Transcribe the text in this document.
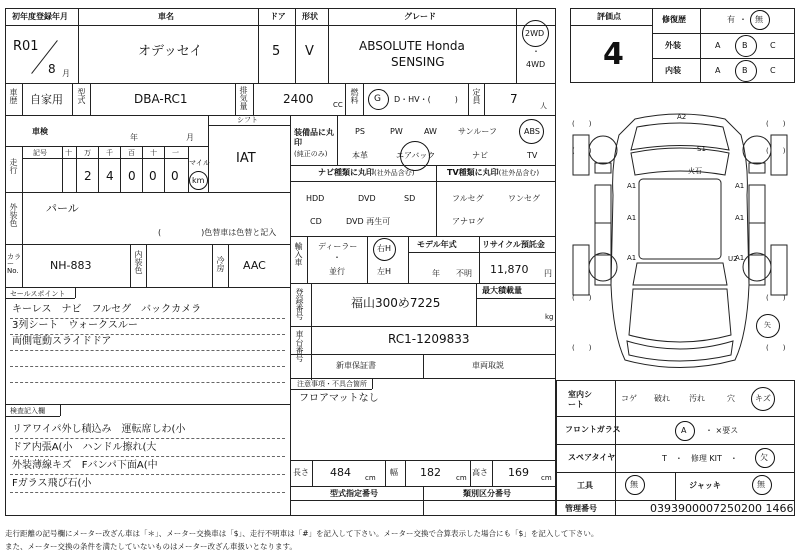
初年度登録年月	車名	ドア 形状	グレード
R01
8 月
オデッセイ	5 V	ABSOLUTE Honda
SENSING
2WD
・
4WD
車歴 自家用 型式	DBA-RC1	排気量	2400	CC
燃料 G D・HV・(　　　) 定員 7	人
車検
年	月
シフト
IAT
走行
記号	十 万 千 百 十 一
2 4 0 0 0
マイル
km
外装色	パール
(　　　　　)色替車は色替と記入
カラーNo.	NH-883	内装色	冷房 AAC
セールスポイント
キーレス　ナビ　フルセグ　バックカメラ
3列シート　ウォークスルー
両側電動スライドドア
検査記入欄
リアワイパ外し積込み　運転席しわ(小
ドア内張A(小　ハンドル擦れ(大
外装薄線キズ　Fバンパ下面A(中
Fガラス飛び石(小
装備品に丸印
(純正のみ)
PS	PW	AW	サンルーフ	ABS
本革	エアバック	ナビ	TV
ナビ種類に丸印(社外品含む)	TV種類に丸印(社外品含む)
HDD	DVD	SD
CD	DVD 再生可
フルセグ	ワンセグ
アナログ
輸入車 ディーラー
・
並行
右H
左H
モデル年式
年　　不明
リサイクル預託金
11,870 円
登録番号	福山300め7225
最大積載量
kg
車台番号	RC1-1209833
新車保証書	車両取説
注意事項・不具合箇所
フロアマットなし
長さ 484 cm
幅 182 cm
高さ 169 cm
型式指定番号	類別区分番号
評価点
4
修復歴	有 ・ 無
外装	A	B	C
内装	A	B	C
A2
S1
A1	A1
A1	A1
A1	A1
U2
火石
矢
(　　)	(　　)
(　　)	(　　)
(　　)	(　　)
(　　)	(　　)
室内シート
コゲ 破れ 汚れ	穴	キズ
フロントガラス	A ・ ×要ス
スペアタイヤ	T　・　修理 KIT　・	欠
工具	無	ジャッキ	無
管理番号	0393900007250200 1466
走行距離の記号欄にメーター改ざん車は「＊」、メーター交換車は「$」、走行不明車は「#」を記入して下さい。メーター交換で合算表示した場合にも「$」を記入して下さい。
また、メーター交換の条件を満たしていないものはメーター改ざん車扱いとなります。
